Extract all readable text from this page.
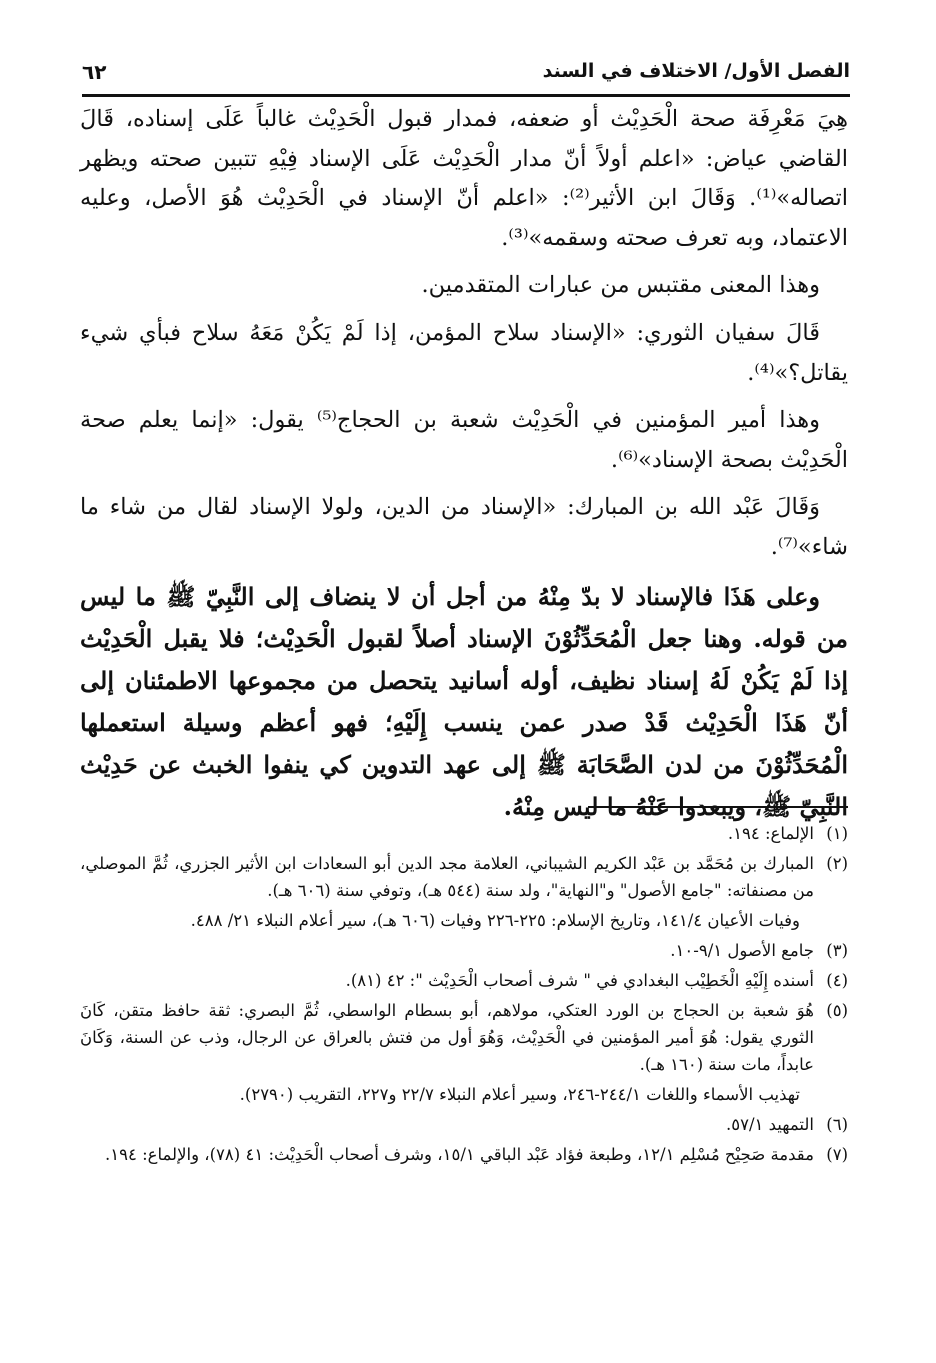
الفصل الأول/ الاختلاف في السند
٦٢

هِيَ مَعْرِفَة صحة الْحَدِيْث أو ضعفه، فمدار قبول الْحَدِيْث غالباً عَلَى إسناده، قَالَ القاضي عياض: «اعلم أولاً أنّ مدار الْحَدِيْث عَلَى الإسناد فِيْهِ تتبين صحته ويظهر اتصاله»⁽¹⁾. وَقَالَ ابن الأثير⁽²⁾: «اعلم أنّ الإسناد في الْحَدِيْث هُوَ الأصل، وعليه الاعتماد، وبه تعرف صحته وسقمه»⁽³⁾.

وهذا المعنى مقتبس من عبارات المتقدمين.

قَالَ سفيان الثوري: «الإسناد سلاح المؤمن، إذا لَمْ يَكُنْ مَعَهُ سلاح فبأي شيء يقاتل؟»⁽⁴⁾.

وهذا أمير المؤمنين في الْحَدِيْث شعبة بن الحجاج⁽⁵⁾ يقول: «إنما يعلم صحة الْحَدِيْث بصحة الإسناد»⁽⁶⁾.

وَقَالَ عَبْد الله بن المبارك: «الإسناد من الدين، ولولا الإسناد لقال من شاء ما شاء»⁽⁷⁾.

وعلى هَذَا فالإسناد لا بدّ مِنْهُ من أجل أن لا ينضاف إلى النَّبِيّ ﷺ ما ليس من قوله. وهنا جعل الْمُحَدِّثُوْنَ الإسناد أصلاً لقبول الْحَدِيْث؛ فلا يقبل الْحَدِيْث إذا لَمْ يَكُنْ لَهُ إسناد نظيف، أوله أسانيد يتحصل من مجموعها الاطمئنان إلى أنّ هَذَا الْحَدِيْث قَدْ صدر عمن ينسب إِلَيْهِ؛ فهو أعظم وسيلة استعملها الْمُحَدِّثُوْنَ من لدن الصَّحَابَة ﷺ إلى عهد التدوين كي ينفوا الخبث عن حَدِيْث النَّبِيّ ﷺ، ويبعدوا عَنْهُ ما ليس مِنْهُ.

(١)
الإلماع: ١٩٤.

(٢)
المبارك بن مُحَمَّد بن عَبْد الكريم الشيباني، العلامة مجد الدين أبو السعادات ابن الأثير الجزري، ثُمَّ الموصلي، من مصنفاته: "جامع الأصول" و"النهاية"، ولد سنة (٥٤٤ هـ)، وتوفي سنة (٦٠٦ هـ).

وفيات الأعيان ١٤١/٤، وتاريخ الإسلام: ٢٢٥-٢٢٦ وفيات (٦٠٦ هـ)، سير أعلام النبلاء ٢١/ ٤٨٨.

(٣)
جامع الأصول ٩/١-١٠.

(٤)
أسنده إِلَيْهِ الْخَطِيْب البغدادي في " شرف أصحاب الْحَدِيْث ": ٤٢ (٨١).

(٥)
هُوَ شعبة بن الحجاج بن الورد العتكي، مولاهم، أبو بسطام الواسطي، ثُمَّ البصري: ثقة حافظ متقن، كَانَ الثوري يقول: هُوَ أمير المؤمنين في الْحَدِيْث، وَهُوَ أول من فتش بالعراق عن الرجال، وذب عن السنة، وَكَانَ عابداً، مات سنة (١٦٠ هـ).

تهذيب الأسماء واللغات ٢٤٤/١-٢٤٦، وسير أعلام النبلاء ٢٢/٧ و٢٢٧، التقريب (٢٧٩٠).

(٦)
التمهيد ٥٧/١.

(٧)
مقدمة صَحِيْح مُسْلِم ١٢/١، وطبعة فؤاد عَبْد الباقي ١٥/١، وشرف أصحاب الْحَدِيْث: ٤١ (٧٨)، والإلماع: ١٩٤.
